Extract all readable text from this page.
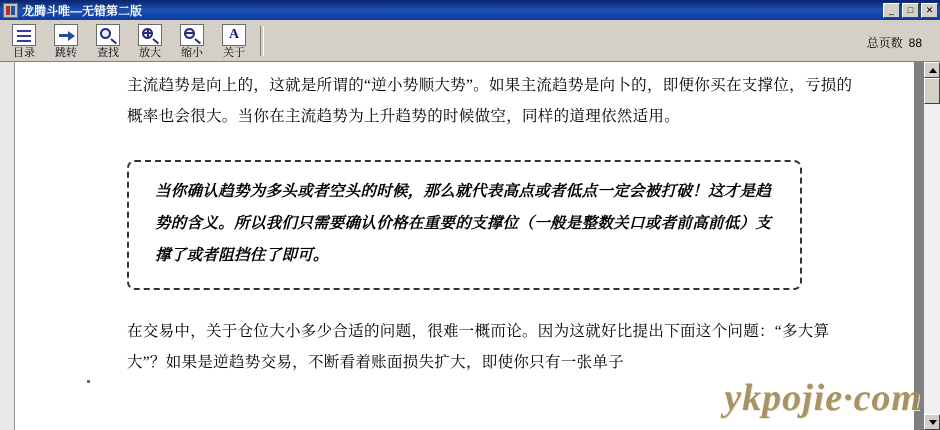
龙腾斗唯—无错第二版	_	□	✕
目录 跳转 查找 放大 缩小
A
关于
总页数 88

主流趋势是向上的，这就是所谓的“逆小势顺大势”。如果主流趋势是向卜的，即便你买在支撑位，亏损的概率也会很大。当你在主流趋势为上升趋势的时候做空，同样的道理依然适用。

当你确认趋势为多头或者空头的时候，那么就代表高点或者低点一定会被打破！这才是趋势的含义。所以我们只需要确认价格在重要的支撑位（一般是整数关口或者前高前低）支撑了或者阻挡住了即可。

在交易中，关于仓位大小多少合适的问题，很难一概而论。因为这就好比提出下面这个问题：“多大算大”？如果是逆趋势交易，不断看着账面损失扩大，即使你只有一张单子

ykpojie·com
